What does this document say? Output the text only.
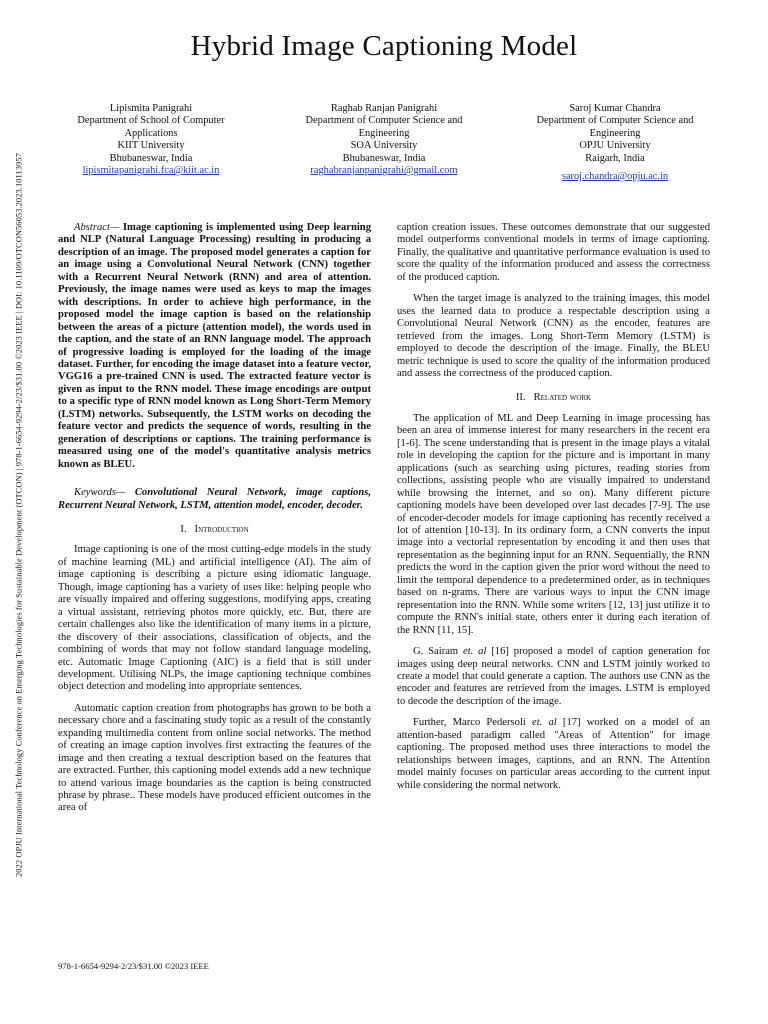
2022 OPJU International Technology Conference on Emerging Technologies for Sustainable Development (OTCON) | 978-1-6654-9294-2/23/$31.00 ©2023 IEEE | DOI: 10.1109/OTCON56053.2023.10113957
Hybrid Image Captioning Model
Lipismita Panigrahi
Department of School of Computer Applications
KIIT University
Bhubaneswar, India
lipismitapanigrahi.fca@kiit.ac.in
Raghab Ranjan Panigrahi
Department of Computer Science and Engineering
SOA University
Bhubaneswar, India
raghabranjanpanigrahi@gmail.com
Saroj Kumar Chandra
Department of Computer Science and Engineering
OPJU University
Raigarh, India
saroj.chandra@opju.ac.in

Abstract— Image captioning is implemented using Deep learning and NLP (Natural Language Processing) resulting in producing a description of an image. The proposed model generates a caption for an image using a Convolutional Neural Network (CNN) together with a Recurrent Neural Network (RNN) and area of attention. Previously, the image names were used as keys to map the images with descriptions. In order to achieve high performance, in the proposed model the image caption is based on the relationship between the areas of a picture (attention model), the words used in the caption, and the state of an RNN language model. The approach of progressive loading is employed for the loading of the image dataset. Further, for encoding the image dataset into a feature vector, VGG16 a pre-trained CNN is used. The extracted feature vector is given as input to the RNN model. These image encodings are output to a specific type of RNN model known as Long Short-Term Memory (LSTM) networks. Subsequently, the LSTM works on decoding the feature vector and predicts the sequence of words, resulting in the generation of descriptions or captions. The training performance is measured using one of the model's quantitative analysis metrics known as BLEU.

Keywords— Convolutional Neural Network, image captions, Recurrent Neural Network, LSTM, attention model, encoder, decoder.

I. Introduction

Image captioning is one of the most cutting-edge models in the study of machine learning (ML) and artificial intelligence (AI). The aim of image captioning is describing a picture using idiomatic language. Though, image captioning has a variety of uses like: helping people who are visually impaired and offering suggestions, modifying apps, creating a virtual assistant, retrieving photos more quickly, etc. But, there are certain challenges also like the identification of many items in a picture, the discovery of their associations, classification of objects, and the combining of words that may not follow standard language modeling, etc. Automatic Image Captioning (AIC) is a field that is still under development. Utilising NLPs, the image captioning technique combines object detection and modeling into appropriate sentences.

Automatic caption creation from photographs has grown to be both a necessary chore and a fascinating study topic as a result of the constantly expanding multimedia content from online social networks. The method of creating an image caption involves first extracting the features of the image and then creating a textual description based on the features that are extracted. Further, this captioning model extends add a new technique to attend various image boundaries as the caption is being constructed phrase by phrase.. These models have produced efficient outcomes in the area of

caption creation issues. These outcomes demonstrate that our suggested model outperforms conventional models in terms of image captioning. Finally, the qualitative and quantitative performance evaluation is used to score the quality of the information produced and assess the correctness of the produced caption.

When the target image is analyzed to the training images, this model uses the learned data to produce a respectable description using a Convolutional Neural Network (CNN) as the encoder, features are retrieved from the images. Long Short-Term Memory (LSTM) is employed to decode the description of the image. Finally, the BLEU metric technique is used to score the quality of the information produced and assess the correctness of the produced caption.

II. Related work

The application of ML and Deep Learning in image processing has been an area of immense interest for many researchers in the recent era [1-6]. The scene understanding that is present in the image plays a vitalal role in developing the caption for the picture and is important in many applications (such as searching using pictures, reading stories from collections, assisting people who are visually impaired to understand while browsing the internet, and so on). Many different picture captioning models have been developed over last decades [7-9]. The use of encoder-decoder models for image captioning has recently received a lot of attention [10-13]. In its ordinary form, a CNN converts the input image into a vectorial representation by encoding it and then uses that representation as the beginning input for an RNN. Sequentially, the RNN predicts the word in the caption given the prior word without the need to limit the temporal dependence to a predetermined order, as in techniques based on n-grams. There are various ways to input the CNN image representation into the RNN. While some writers [12, 13] just utilize it to compute the RNN's initial state, others enter it during each iteration of the RNN [11, 15].

G. Sairam et. al [16] proposed a model of caption generation for images using deep neural networks. CNN and LSTM jointly worked to create a model that could generate a caption. The authors use CNN as the encoder and features are retrieved from the images. LSTM is employed to decode the description of the image.

Further, Marco Pedersoli et. al [17] worked on a model of an attention-based paradigm called "Areas of Attention" for image captioning. The proposed method uses three interactions to model the relationships between images, captions, and an RNN. The Attention model mainly focuses on particular areas according to the current input while considering the normal network.

978-1-6654-9294-2/23/$31.00 ©2023 IEEE
